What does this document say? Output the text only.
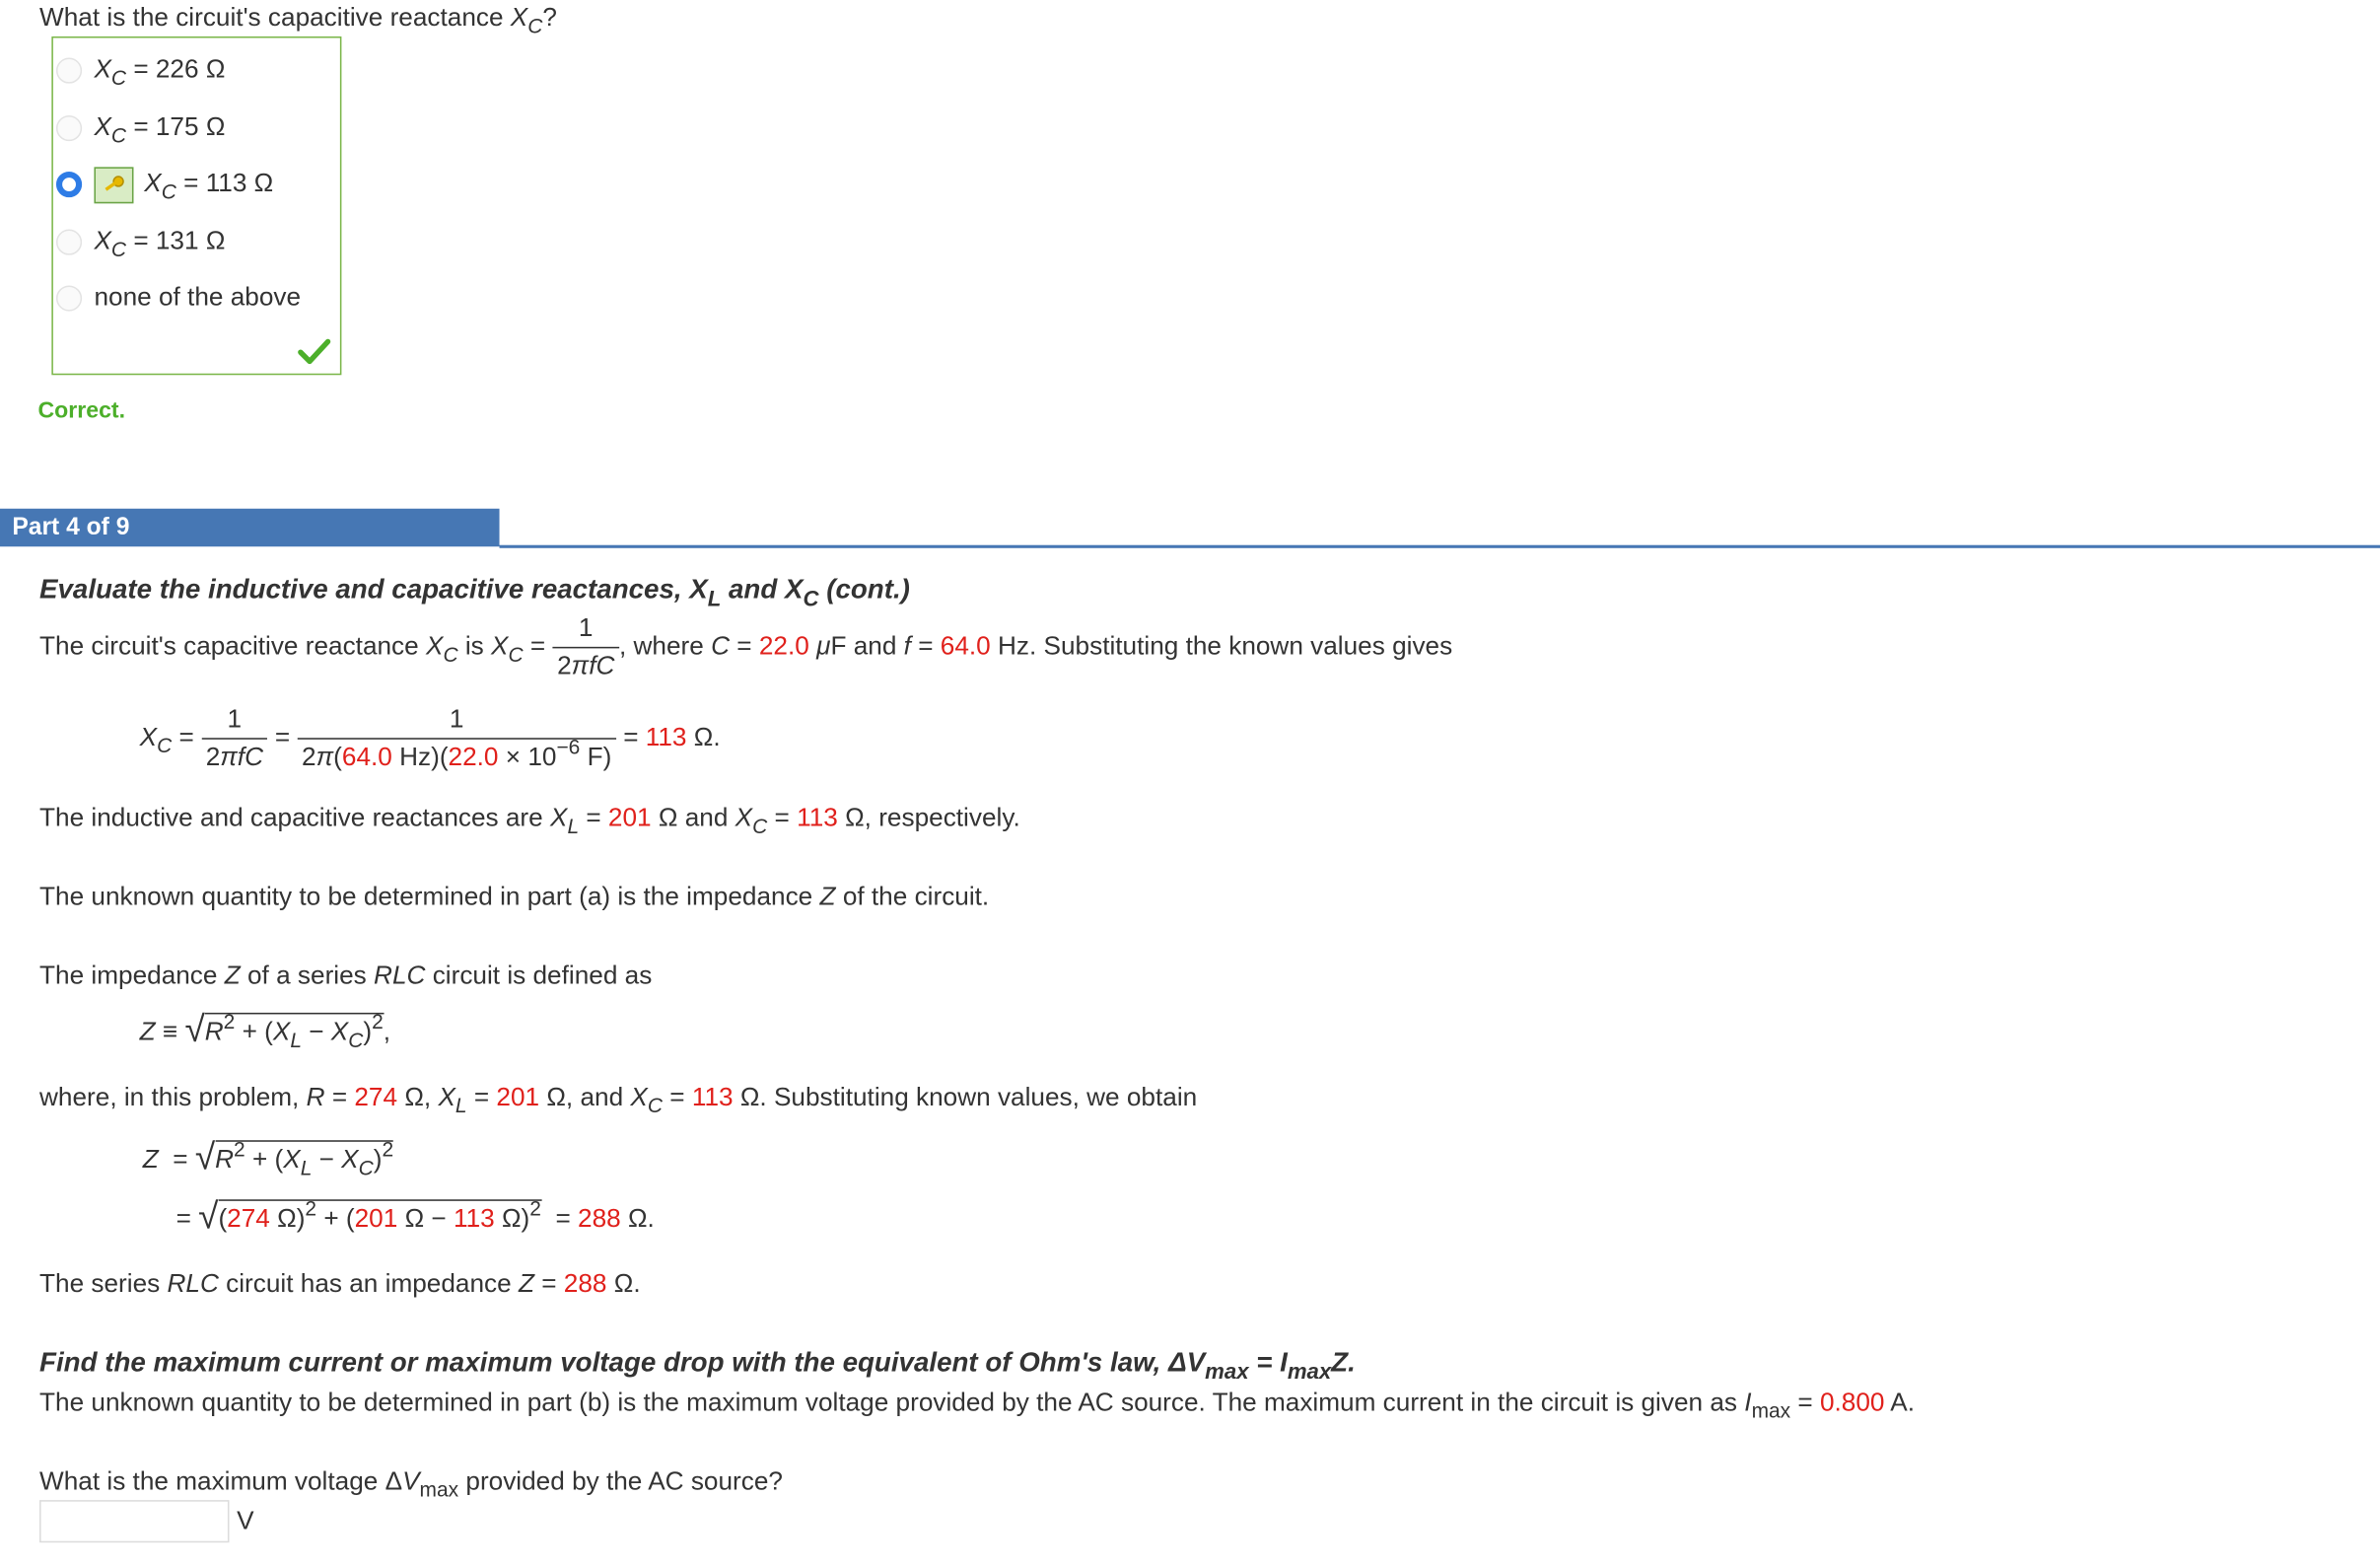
What is the circuit's capacitive reactance $X_C$?
$X_C = 226$ Ω
$X_C = 175$ Ω
$X_C = 113$ Ω
$X_C = 131$ Ω
none of the above
Correct.
Part 4 of 9
Evaluate the inductive and capacitive reactances, $X_L$ and $X_C$ (cont.)
The circuit's capacitive reactance $X_C$ is $X_C = \frac{1}{\text{2πfC}}$ , where C = 22.0 μF and f = 64.0 Hz. Substituting the known values gives
$X_C = \frac{1}{\text{2πfC}} = \frac{1}{2\pi(64.0 Hz)(22.0 \times 10^{-6} F)} = 113$ Ω.
The inductive and capacitive reactances are $X_L = 201$ Ω and $X_C = 113$ Ω, respectively.
The unknown quantity to be determined in part (a) is the impedance Z of the circuit.
The impedance Z of a series RLC circuit is defined as
$Z \equiv √R^2 + (X_L - X_C)^2$,
where, in this problem, R = 274 Ω, $X_L = 201$ Ω, and $X_C = 113$ Ω. Substituting known values, we obtain
$Z = √R^2 + (X_L - X_C)^2$
= √(274 Ω)$^2$ + (201 Ω − 113 Ω)$^2$  = 288 Ω.
The series RLC circuit has an impedance Z = 288 Ω.
Find the maximum current or maximum voltage drop with the equivalent of Ohm's law, $\Delta V_{max} = I_{max}Z$.
The unknown quantity to be determined in part (b) is the maximum voltage provided by the AC source. The maximum current in the circuit is given as $I_{max} = 0.800$ A.
What is the maximum voltage $\Delta V_{max}$ provided by the AC source?
V
